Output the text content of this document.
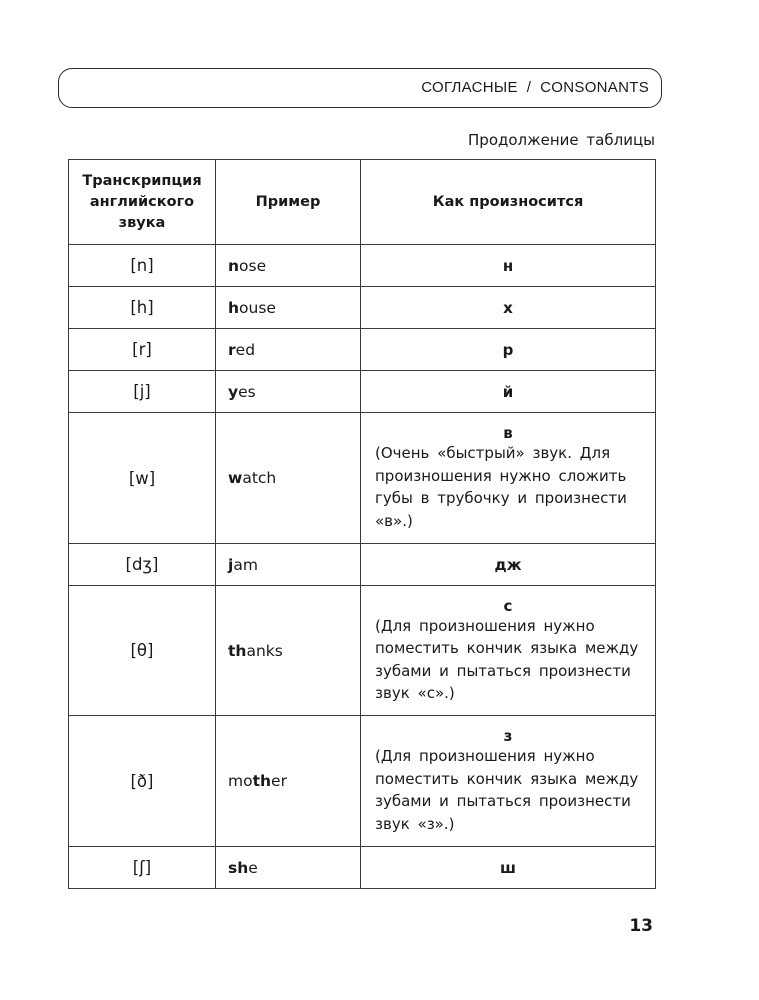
СОГЛАСНЫЕ / CONSONANTS
Продолжение таблицы
Транскрипция английского звука	Пример	Как произносится
[n]	nose	н
[h]	house	х
[r]	red	р
[j]	yes	й
[w]	watch	в
(Очень «быстрый» звук. Для произношения нужно сложить губы в трубочку и произнести «в».)

[dʒ]	jam	дж
[θ]	thanks	с
(Для произношения нужно поместить кончик языка между зубами и пытаться произнести звук «с».)

[ð]	mother	з
(Для произношения нужно поместить кончик языка между зубами и пытаться произнести звук «з».)

[ʃ]	she	ш
13
